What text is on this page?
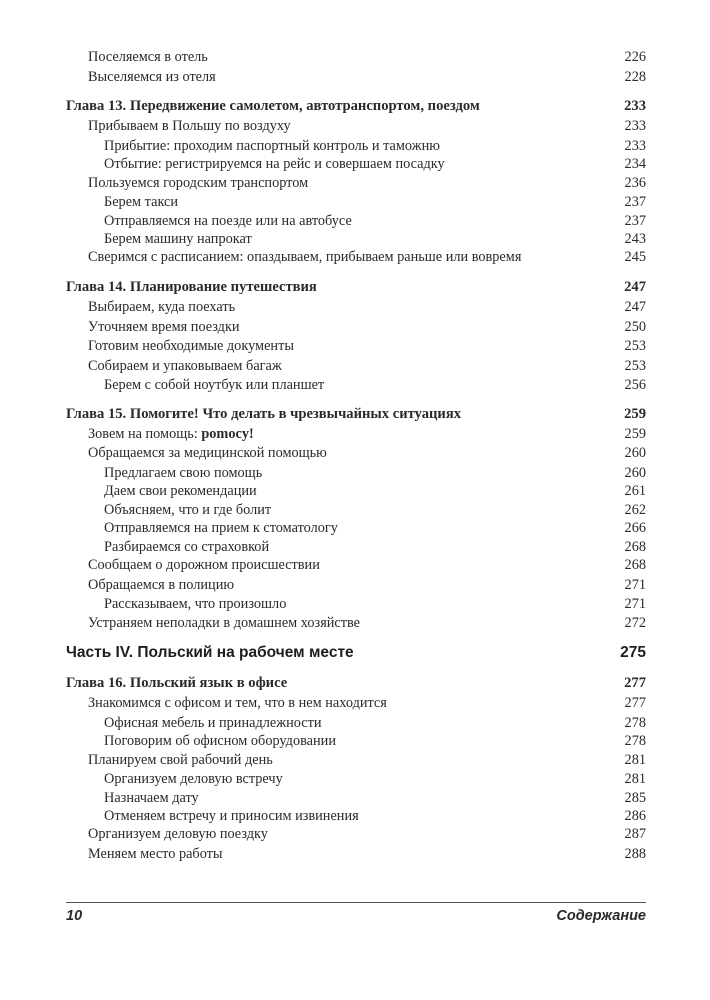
Поселяемся в отель	226
Выселяемся из отеля	228
Глава 13. Передвижение самолетом, автотранспортом, поездом	233
Прибываем в Польшу по воздуху	233
Прибытие: проходим паспортный контроль и таможню	233
Отбытие: регистрируемся на рейс и совершаем посадку	234
Пользуемся городским транспортом	236
Берем такси	237
Отправляемся на поезде или на автобусе	237
Берем машину напрокат	243
Сверимся с расписанием: опаздываем, прибываем раньше или вовремя	245
Глава 14. Планирование путешествия	247
Выбираем, куда поехать	247
Уточняем время поездки	250
Готовим необходимые документы	253
Собираем и упаковываем багаж	253
Берем с собой ноутбук или планшет	256
Глава 15. Помогите! Что делать в чрезвычайных ситуациях	259
Зовем на помощь: pomocy!	259
Обращаемся за медицинской помощью	260
Предлагаем свою помощь	260
Даем свои рекомендации	261
Объясняем, что и где болит	262
Отправляемся на прием к стоматологу	266
Разбираемся со страховкой	268
Сообщаем о дорожном происшествии	268
Обращаемся в полицию	271
Рассказываем, что произошло	271
Устраняем неполадки в домашнем хозяйстве	272
Часть IV. Польский на рабочем месте	275
Глава 16. Польский язык в офисе	277
Знакомимся с офисом и тем, что в нем находится	277
Офисная мебель и принадлежности	278
Поговорим об офисном оборудовании	278
Планируем свой рабочий день	281
Организуем деловую встречу	281
Назначаем дату	285
Отменяем встречу и приносим извинения	286
Организуем деловую поездку	287
Меняем место работы	288
10	Содержание
